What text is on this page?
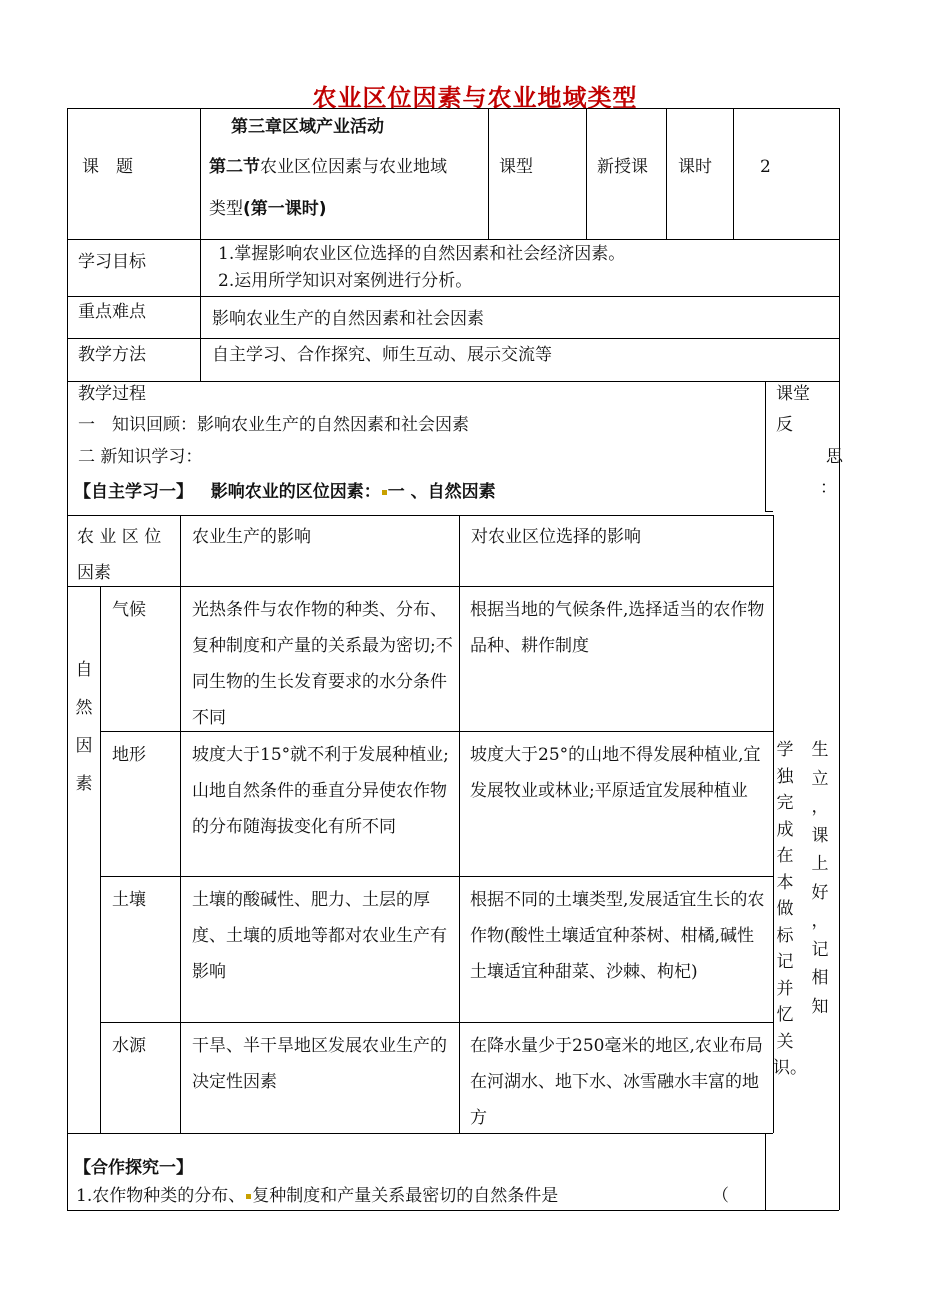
农业区位因素与农业地域类型
课　题
第三章区域产业活动
第二节农业区位因素与农业地域
类型(第一课时)
课型	新授课 课时	2
学习目标	1.掌握影响农业区位选择的自然因素和社会经济因素。
2.运用所学知识对案例进行分析。
重点难点	影响农业生产的自然因素和社会因素
教学方法	自主学习、合作探究、师生互动、展示交流等
教学过程
一　知识回顾：影响农业生产的自然因素和社会因素
二 新知识学习：
【自主学习一】 影响农业的区位因素： 一 、自然因素
课堂
反
思
：
学
独
完
成
在
本
做
标
记
并
忆
关
识。
生
立
，
课
上
好
，
记
相
知
农 业 区 位因素
农业生产的影响	对农业区位选择的影响
自
然
因
素
气候	光热条件与农作物的种类、分布、复种制度和产量的关系最为密切;不同生物的生长发育要求的水分条件不同
根据当地的气候条件,选择适当的农作物品种、耕作制度
地形	坡度大于15°就不利于发展种植业;山地自然条件的垂直分异使农作物的分布随海拔变化有所不同
坡度大于25°的山地不得发展种植业,宜发展牧业或林业;平原适宜发展种植业
土壤	土壤的酸碱性、肥力、土层的厚度、土壤的质地等都对农业生产有影响
根据不同的土壤类型,发展适宜生长的农作物(酸性土壤适宜种茶树、柑橘,碱性土壤适宜种甜菜、沙棘、枸杞)
水源	干旱、半干旱地区发展农业生产的决定性因素
在降水量少于250毫米的地区,农业布局在河湖水、地下水、冰雪融水丰富的地方
【合作探究一】
1.农作物种类的分布、 复种制度和产量关系最密切的自然条件是	（
